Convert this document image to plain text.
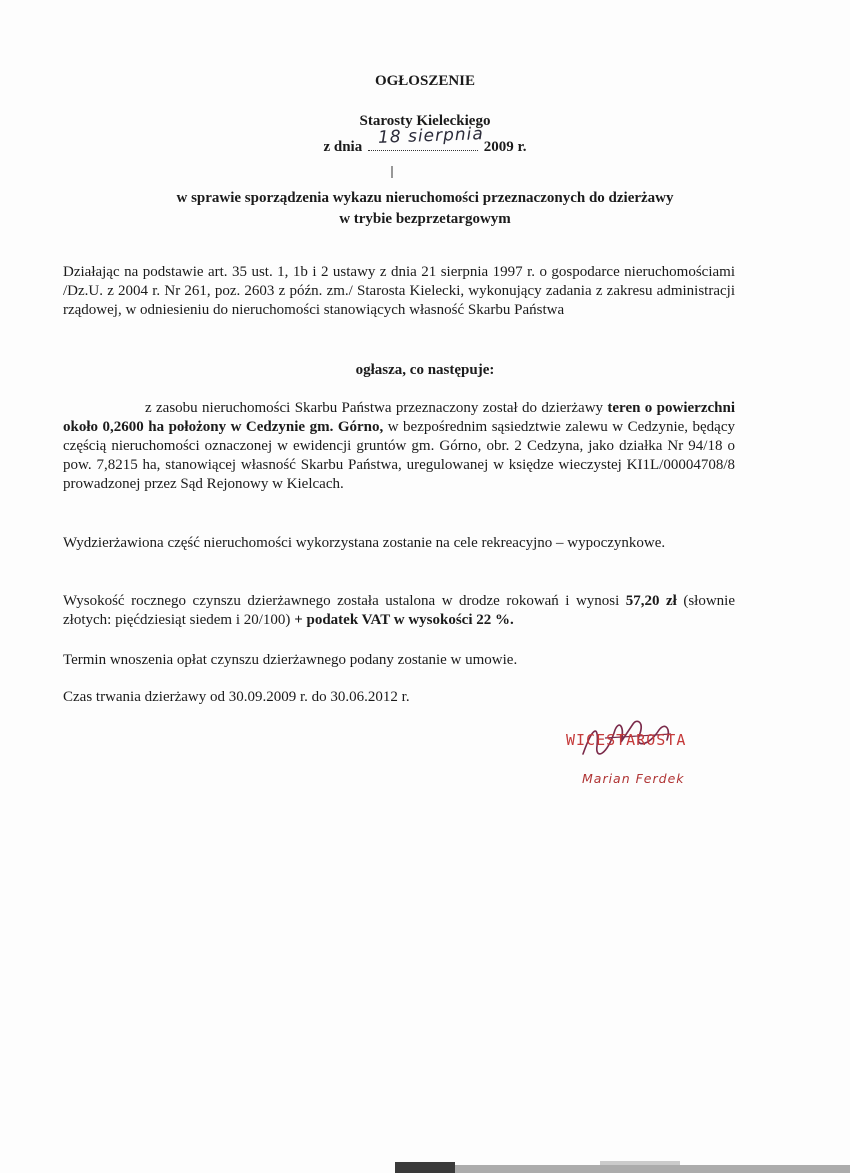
OGŁOSZENIE
Starosty Kieleckiego
z dnia 18 sierpnia 2009 r.
w sprawie sporządzenia wykazu nieruchomości przeznaczonych do dzierżawy
w trybie bezprzetargowym

Działając na podstawie art. 35 ust. 1, 1b i 2 ustawy z dnia 21 sierpnia 1997 r. o gospodarce nieruchomościami /Dz.U. z 2004 r. Nr 261, poz. 2603 z późn. zm./ Starosta Kielecki, wykonujący zadania z zakresu administracji rządowej, w odniesieniu do nieruchomości stanowiących własność Skarbu Państwa

ogłasza, co następuje:

z zasobu nieruchomości Skarbu Państwa przeznaczony został do dzierżawy teren o powierzchni około 0,2600 ha położony w Cedzynie gm. Górno, w bezpośrednim sąsiedztwie zalewu w Cedzynie, będący częścią nieruchomości oznaczonej w ewidencji gruntów gm. Górno, obr. 2 Cedzyna, jako działka Nr 94/18 o pow. 7,8215 ha, stanowiącej własność Skarbu Państwa, uregulowanej w księdze wieczystej KI1L/00004708/8 prowadzonej przez Sąd Rejonowy w Kielcach.

Wydzierżawiona część nieruchomości wykorzystana zostanie na cele rekreacyjno – wypoczynkowe.

Wysokość rocznego czynszu dzierżawnego została ustalona w drodze rokowań i wynosi 57,20 zł (słownie złotych: pięćdziesiąt siedem i 20/100) + podatek VAT w wysokości 22 %.

Termin wnoszenia opłat czynszu dzierżawnego podany zostanie w umowie.

Czas trwania dzierżawy od 30.09.2009 r. do 30.06.2012 r.

WICESTAROSTA
Marian Ferdek
